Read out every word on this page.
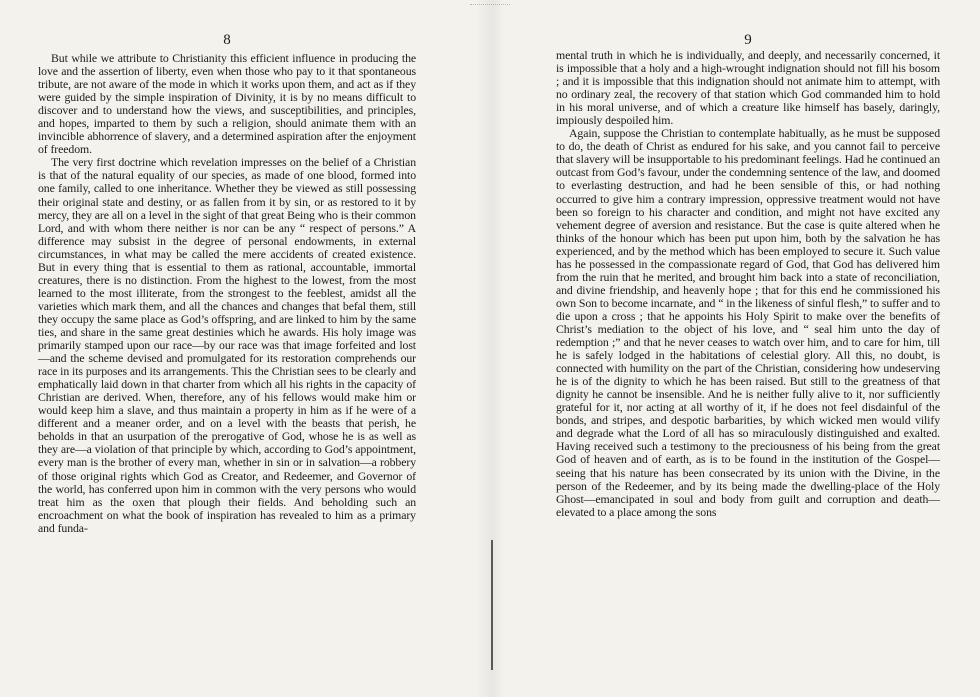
8

But while we attribute to Christianity this efficient influence in producing the love and the assertion of liberty, even when those who pay to it that spontaneous tribute, are not aware of the mode in which it works upon them, and act as if they were guided by the simple inspiration of Divinity, it is by no means difficult to discover and to understand how the views, and susceptibilities, and principles, and hopes, imparted to them by such a religion, should animate them with an invincible abhorrence of slavery, and a determined aspiration after the enjoyment of freedom.

The very first doctrine which revelation impresses on the belief of a Christian is that of the natural equality of our species, as made of one blood, formed into one family, called to one inheritance. Whether they be viewed as still possessing their original state and destiny, or as fallen from it by sin, or as restored to it by mercy, they are all on a level in the sight of that great Being who is their common Lord, and with whom there neither is nor can be any “ respect of persons.” A difference may subsist in the degree of personal endowments, in external circumstances, in what may be called the mere accidents of created existence. But in every thing that is essential to them as rational, accountable, immortal creatures, there is no distinction. From the highest to the lowest, from the most learned to the most illiterate, from the strongest to the feeblest, amidst all the varieties which mark them, and all the chances and changes that befal them, still they occupy the same place as God’s offspring, and are linked to him by the same ties, and share in the same great destinies which he awards. His holy image was primarily stamped upon our race—by our race was that image forfeited and lost—and the scheme devised and promulgated for its restoration comprehends our race in its purposes and its arrangements. This the Christian sees to be clearly and emphatically laid down in that charter from which all his rights in the capacity of Christian are derived. When, therefore, any of his fellows would make him or would keep him a slave, and thus maintain a property in him as if he were of a different and a meaner order, and on a level with the beasts that perish, he beholds in that an usurpation of the prerogative of God, whose he is as well as they are—a violation of that principle by which, according to God’s appointment, every man is the brother of every man, whether in sin or in salvation—a robbery of those original rights which God as Creator, and Redeemer, and Governor of the world, has conferred upon him in common with the very persons who would treat him as the oxen that plough their fields. And beholding such an encroachment on what the book of inspiration has revealed to him as a primary and funda-

9

mental truth in which he is individually, and deeply, and necessarily concerned, it is impossible that a holy and a high-wrought indignation should not fill his bosom ; and it is impossible that this indignation should not animate him to attempt, with no ordinary zeal, the recovery of that station which God commanded him to hold in his moral universe, and of which a creature like himself has basely, daringly, impiously despoiled him.

Again, suppose the Christian to contemplate habitually, as he must be supposed to do, the death of Christ as endured for his sake, and you cannot fail to perceive that slavery will be insupportable to his predominant feelings. Had he continued an outcast from God’s favour, under the condemning sentence of the law, and doomed to everlasting destruction, and had he been sensible of this, or had nothing occurred to give him a contrary impression, oppressive treatment would not have been so foreign to his character and condition, and might not have excited any vehement degree of aversion and resistance. But the case is quite altered when he thinks of the honour which has been put upon him, both by the salvation he has experienced, and by the method which has been employed to secure it. Such value has he possessed in the compassionate regard of God, that God has delivered him from the ruin that he merited, and brought him back into a state of reconciliation, and divine friendship, and heavenly hope ; that for this end he commissioned his own Son to become incarnate, and “ in the likeness of sinful flesh,” to suffer and to die upon a cross ; that he appoints his Holy Spirit to make over the benefits of Christ’s mediation to the object of his love, and “ seal him unto the day of redemption ;” and that he never ceases to watch over him, and to care for him, till he is safely lodged in the habitations of celestial glory. All this, no doubt, is connected with humility on the part of the Christian, considering how undeserving he is of the dignity to which he has been raised. But still to the greatness of that dignity he cannot be insensible. And he is neither fully alive to it, nor sufficiently grateful for it, nor acting at all worthy of it, if he does not feel disdainful of the bonds, and stripes, and despotic barbarities, by which wicked men would vilify and degrade what the Lord of all has so miraculously distinguished and exalted. Having received such a testimony to the preciousness of his being from the great God of heaven and of earth, as is to be found in the institution of the Gospel—seeing that his nature has been consecrated by its union with the Divine, in the person of the Redeemer, and by its being made the dwelling-place of the Holy Ghost—emancipated in soul and body from guilt and corruption and death—elevated to a place among the sons
